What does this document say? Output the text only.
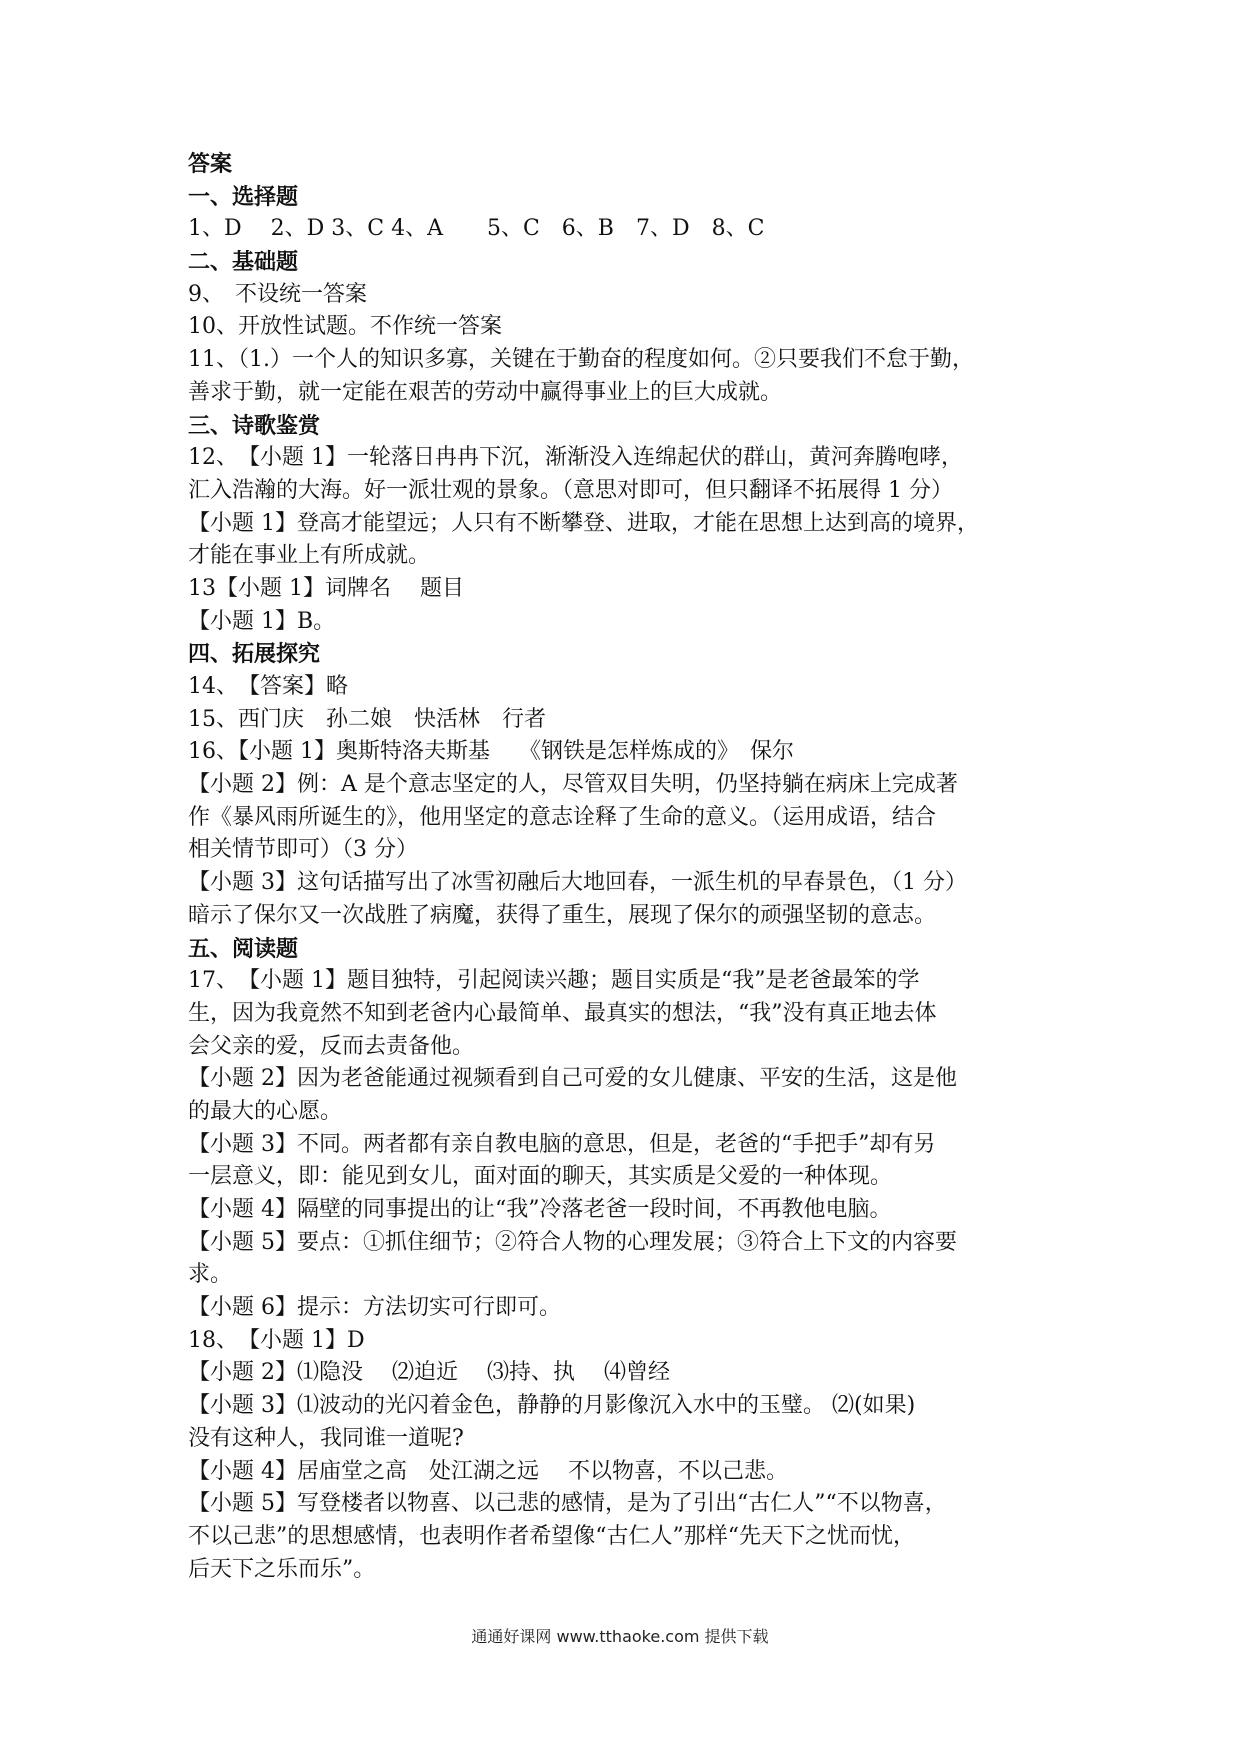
答案
一、选择题
1、D　 2、D 3、C 4、A　　5、C　6、B　7、D　8、C
二、基础题
9、　不设统一答案
10、开放性试题。不作统一答案
11、（1.）一个人的知识多寡，关键在于勤奋的程度如何。②只要我们不怠于勤，
善求于勤，就一定能在艰苦的劳动中赢得事业上的巨大成就。
三、诗歌鉴赏
12、　【小题 1】一轮落日冉冉下沉，渐渐没入连绵起伏的群山，黄河奔腾咆哮，
汇入浩瀚的大海。好一派壮观的景象。（意思对即可，但只翻译不拓展得 1 分）
【小题 1】登高才能望远；人只有不断攀登、进取，才能在思想上达到高的境界，
才能在事业上有所成就。
13【小题 1】词牌名　 题目
【小题 1】B。
四、拓展探究
14、　【答案】略
15、西门庆　孙二娘　快活林　行者
16、【小题 1】奥斯特洛夫斯基　 《钢铁是怎样炼成的》　保尔
【小题 2】例：A 是个意志坚定的人，尽管双目失明，仍坚持躺在病床上完成著
作《暴风雨所诞生的》，他用坚定的意志诠释了生命的意义。（运用成语，结合
相关情节即可）（3 分）
【小题 3】这句话描写出了冰雪初融后大地回春，一派生机的早春景色，（1 分）
暗示了保尔又一次战胜了病魔，获得了重生，展现了保尔的顽强坚韧的意志。
五、阅读题
17、　【小题 1】题目独特，引起阅读兴趣；题目实质是“我”是老爸最笨的学
生，因为我竟然不知到老爸内心最简单、最真实的想法，“我”没有真正地去体
会父亲的爱，反而去责备他。
【小题 2】因为老爸能通过视频看到自己可爱的女儿健康、平安的生活，这是他
的最大的心愿。
【小题 3】不同。两者都有亲自教电脑的意思，但是，老爸的“手把手”却有另
一层意义，即：能见到女儿，面对面的聊天，其实质是父爱的一种体现。
【小题 4】隔壁的同事提出的让“我”冷落老爸一段时间，不再教他电脑。
【小题 5】要点：①抓住细节；②符合人物的心理发展；③符合上下文的内容要
求。
【小题 6】提示：方法切实可行即可。
18、　【小题 1】D
【小题 2】⑴隐没　 ⑵迫近　 ⑶持、执　 ⑷曾经
【小题 3】⑴波动的光闪着金色，静静的月影像沉入水中的玉璧。 ⑵(如果)
没有这种人，我同谁一道呢?
【小题 4】居庙堂之高　处江湖之远　 不以物喜，不以己悲。
【小题 5】写登楼者以物喜、以己悲的感情，是为了引出“古仁人”“不以物喜，
不以己悲”的思想感情，也表明作者希望像“古仁人”那样“先天下之忧而忧，
后天下之乐而乐”。
通通好课网 www.tthaoke.com 提供下载
